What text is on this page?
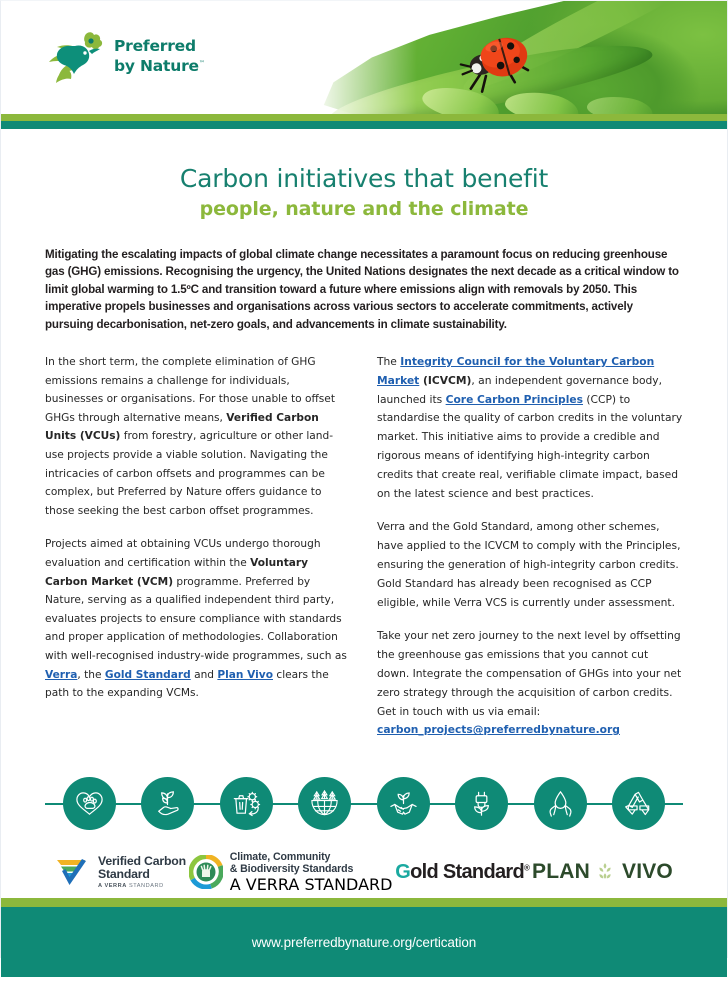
Preferred
by Nature™
Carbon initiatives that benefit
people, nature and the climate

Mitigating the escalating impacts of global climate change necessitates a paramount focus on reducing greenhouse gas (GHG) emissions. Recognising the urgency, the United Nations designates the next decade as a critical window to limit global warming to 1.5ºC and transition toward a future where emissions align with removals by 2050. This imperative propels businesses and organisations across various sectors to accelerate commitments, actively pursuing decarbonisation, net-zero goals, and advancements in climate sustainability.

In the short term, the complete elimination of GHG emissions remains a challenge for individuals, businesses or organisations. For those unable to offset GHGs through alternative means, Verified Carbon Units (VCUs) from forestry, agriculture or other land-use projects provide a viable solution. Navigating the intricacies of carbon offsets and programmes can be complex, but Preferred by Nature offers guidance to those seeking the best carbon offset programmes.

Projects aimed at obtaining VCUs undergo thorough evaluation and certification within the Voluntary Carbon Market (VCM) programme. Preferred by Nature, serving as a qualified independent third party, evaluates projects to ensure compliance with standards and proper application of methodologies. Collaboration with well-recognised industry-wide programmes, such as Verra, the Gold Standard and Plan Vivo clears the path to the expanding VCMs.

The Integrity Council for the Voluntary Carbon Market (ICVCM), an independent governance body, launched its Core Carbon Principles (CCP) to standardise the quality of carbon credits in the voluntary market. This initiative aims to provide a credible and rigorous means of identifying high-integrity carbon credits that create real, verifiable climate impact, based on the latest science and best practices.

Verra and the Gold Standard, among other schemes, have applied to the ICVCM to comply with the Principles, ensuring the generation of high-integrity carbon credits. Gold Standard has already been recognised as CCP eligible, while Verra VCS is currently under assessment.

Take your net zero journey to the next level by offsetting the greenhouse gas emissions that you cannot cut down. Integrate the compensation of GHGs into your net zero strategy through the acquisition of carbon credits. Get in touch with us via email: carbon_projects@preferredbynature.org

Verified Carbon
Standard
A VERRA STANDARD
Climate, Community
& Biodiversity Standards
A VERRA STANDARD
Gold Standard® PLAN VIVO
www.preferredbynature.org/certication
